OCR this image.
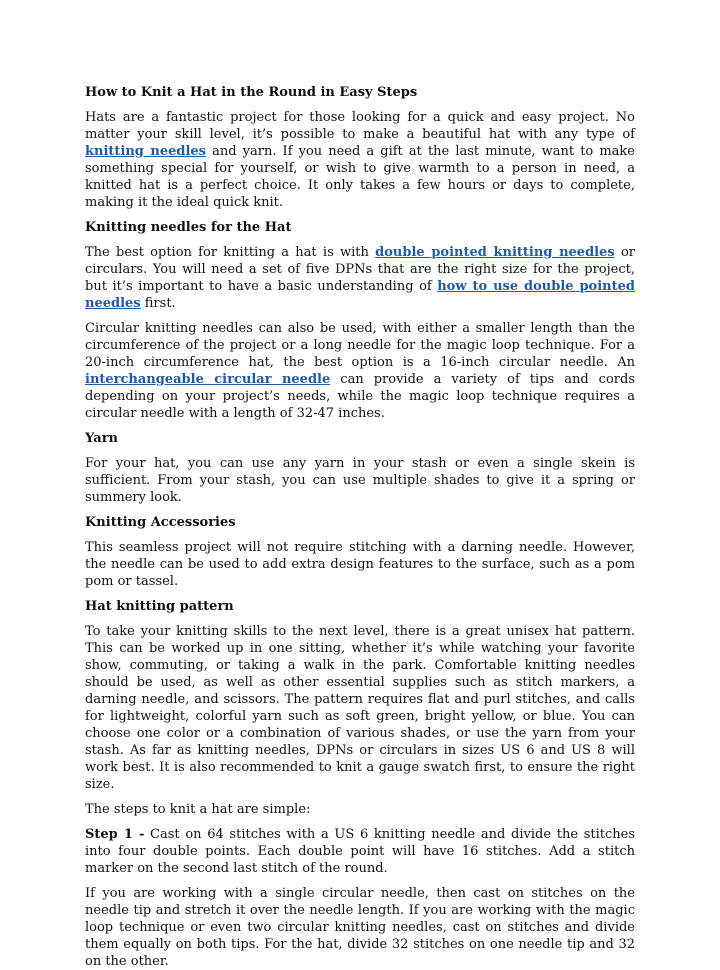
How to Knit a Hat in the Round in Easy Steps

Hats are a fantastic project for those looking for a quick and easy project. No matter your skill level, it’s possible to make a beautiful hat with any type of knitting needles and yarn. If you need a gift at the last minute, want to make something special for yourself, or wish to give warmth to a person in need, a knitted hat is a perfect choice. It only takes a few hours or days to complete, making it the ideal quick knit.

Knitting needles for the Hat

The best option for knitting a hat is with double pointed knitting needles or circulars. You will need a set of five DPNs that are the right size for the project, but it’s important to have a basic understanding of how to use double pointed needles first.

Circular knitting needles can also be used, with either a smaller length than the circumference of the project or a long needle for the magic loop technique. For a 20-inch circumference hat, the best option is a 16-inch circular needle. An interchangeable circular needle can provide a variety of tips and cords depending on your project’s needs, while the magic loop technique requires a circular needle with a length of 32-47 inches.

Yarn

For your hat, you can use any yarn in your stash or even a single skein is sufficient. From your stash, you can use multiple shades to give it a spring or summery look.

Knitting Accessories

This seamless project will not require stitching with a darning needle. However, the needle can be used to add extra design features to the surface, such as a pom pom or tassel.

Hat knitting pattern

To take your knitting skills to the next level, there is a great unisex hat pattern. This can be worked up in one sitting, whether it’s while watching your favorite show, commuting, or taking a walk in the park. Comfortable knitting needles should be used, as well as other essential supplies such as stitch markers, a darning needle, and scissors. The pattern requires flat and purl stitches, and calls for lightweight, colorful yarn such as soft green, bright yellow, or blue. You can choose one color or a combination of various shades, or use the yarn from your stash. As far as knitting needles, DPNs or circulars in sizes US 6 and US 8 will work best. It is also recommended to knit a gauge swatch first, to ensure the right size.

The steps to knit a hat are simple:

Step 1 - Cast on 64 stitches with a US 6 knitting needle and divide the stitches into four double points. Each double point will have 16 stitches. Add a stitch marker on the second last stitch of the round.

If you are working with a single circular needle, then cast on stitches on the needle tip and stretch it over the needle length. If you are working with the magic loop technique or even two circular knitting needles, cast on stitches and divide them equally on both tips. For the hat, divide 32 stitches on one needle tip and 32 on the other.
